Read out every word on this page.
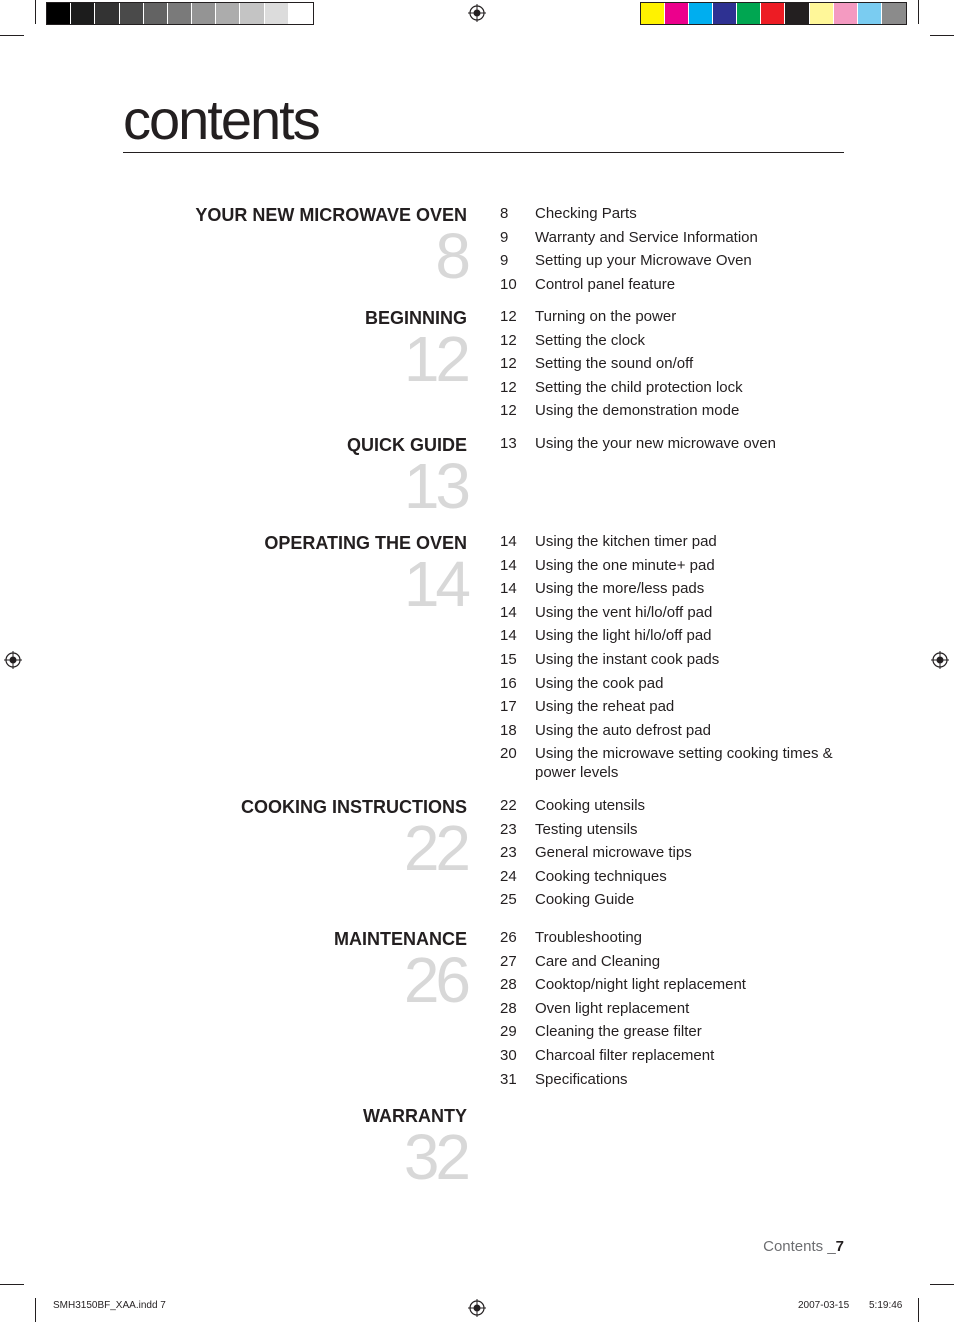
contents
YOUR NEW MICROWAVE OVEN
8
8	Checking Parts
9	Warranty and Service Information
9	Setting up your Microwave Oven
10	Control panel feature
BEGINNING
12
12	Turning on the power
12	Setting the clock
12	Setting the sound on/off
12	Setting the child protection lock
12	Using the demonstration mode
QUICK GUIDE
13
13	Using the your new microwave oven
OPERATING THE OVEN
14
14	Using the kitchen timer pad
14	Using the one minute+ pad
14	Using the more/less pads
14	Using the vent hi/lo/off pad
14	Using the light hi/lo/off pad
15	Using the instant cook pads
16	Using the cook pad
17	Using the reheat pad
18	Using the auto defrost pad
20	Using the microwave setting cooking times & power levels
COOKING INSTRUCTIONS
22
22	Cooking utensils
23	Testing utensils
23	General microwave tips
24	Cooking techniques
25	Cooking Guide
MAINTENANCE
26
26	Troubleshooting
27	Care and Cleaning
28	Cooktop/night light replacement
28	Oven light replacement
29	Cleaning the grease filter
30	Charcoal filter replacement
31	Specifications
WARRANTY
32
Contents _7
SMH3150BF_XAA.indd 7	2007-03-15 5:19:46
